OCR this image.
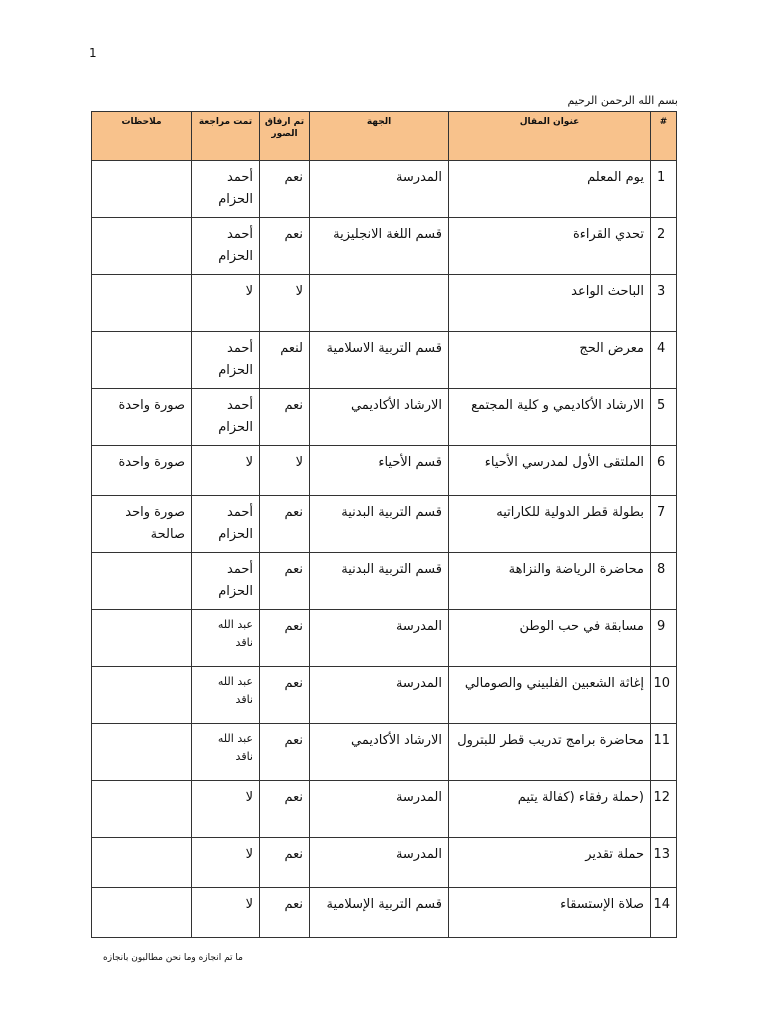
1
بسم الله الرحمن الرحيم
#	عنوان المقال	الجهة	تم ارفاق الصور	تمت مراجعة	ملاحظات
1	يوم المعلم	المدرسة	نعم	أحمد الحزام	
2	تحدي القراءة	قسم اللغة الانجليزية	نعم	أحمد الحزام	
3	الباحث الواعد		لا	لا	
4	معرض الحج	قسم التربية الاسلامية	لنعم	أحمد الحزام	
5	الارشاد الأكاديمي و كلية المجتمع	الارشاد الأكاديمي	نعم	أحمد الحزام	صورة واحدة
6	الملتقى الأول لمدرسي الأحياء	قسم الأحياء	لا	لا	صورة واحدة
7	بطولة قطر الدولية للكاراتيه	قسم التربية البدنية	نعم	أحمد الحزام	صورة واحد صالحة
8	محاضرة الرياضة والنزاهة	قسم التربية البدنية	نعم	أحمد الحزام	
9	مسابقة في حب الوطن	المدرسة	نعم	عبد الله ناقد	
10	إغاثة الشعبين الفلبيني والصومالي	المدرسة	نعم	عبد الله ناقد	
11	محاضرة برامج تدريب قطر للبترول	الارشاد الأكاديمي	نعم	عبد الله ناقد	
12	(حملة رفقاء (كفالة يتيم	المدرسة	نعم	لا	
13	حملة تقدير	المدرسة	نعم	لا	
14	صلاة الإستسقاء	قسم التربية الإسلامية	نعم	لا	
ما تم انجازه وما نحن مطالبون بانجازه
